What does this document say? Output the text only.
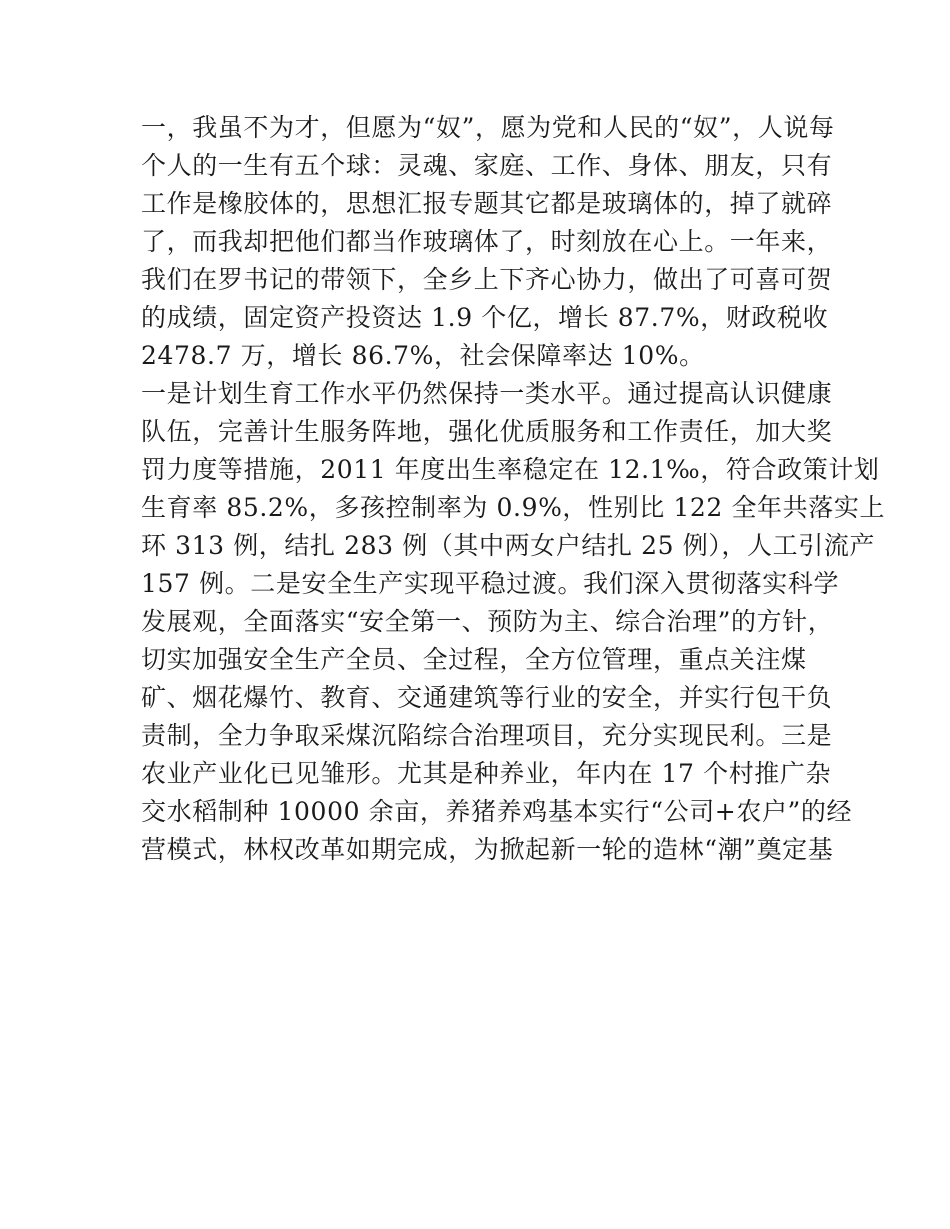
一，我虽不为才，但愿为“奴”，愿为党和人民的“奴”，人说每
个人的一生有五个球：灵魂、家庭、工作、身体、朋友，只有
工作是橡胶体的，思想汇报专题其它都是玻璃体的，掉了就碎
了，而我却把他们都当作玻璃体了，时刻放在心上。一年来，
我们在罗书记的带领下，全乡上下齐心协力，做出了可喜可贺
的成绩，固定资产投资达 1.9 个亿，增长 87.7%，财政税收
2478.7 万，增长 86.7%，社会保障率达 10%。
一是计划生育工作水平仍然保持一类水平。通过提高认识健康
队伍，完善计生服务阵地，强化优质服务和工作责任，加大奖
罚力度等措施，2011 年度出生率稳定在 12.1‰，符合政策计划
生育率 85.2%，多孩控制率为 0.9%，性别比 122 全年共落实上
环 313 例，结扎 283 例（其中两女户结扎 25 例），人工引流产
157 例。二是安全生产实现平稳过渡。我们深入贯彻落实科学
发展观，全面落实“安全第一、预防为主、综合治理”的方针，
切实加强安全生产全员、全过程，全方位管理，重点关注煤
矿、烟花爆竹、教育、交通建筑等行业的安全，并实行包干负
责制，全力争取采煤沉陷综合治理项目，充分实现民利。三是
农业产业化已见雏形。尤其是种养业，年内在 17 个村推广杂
交水稻制种 10000 余亩，养猪养鸡基本实行“公司+农户”的经
营模式，林权改革如期完成，为掀起新一轮的造林“潮”奠定基
